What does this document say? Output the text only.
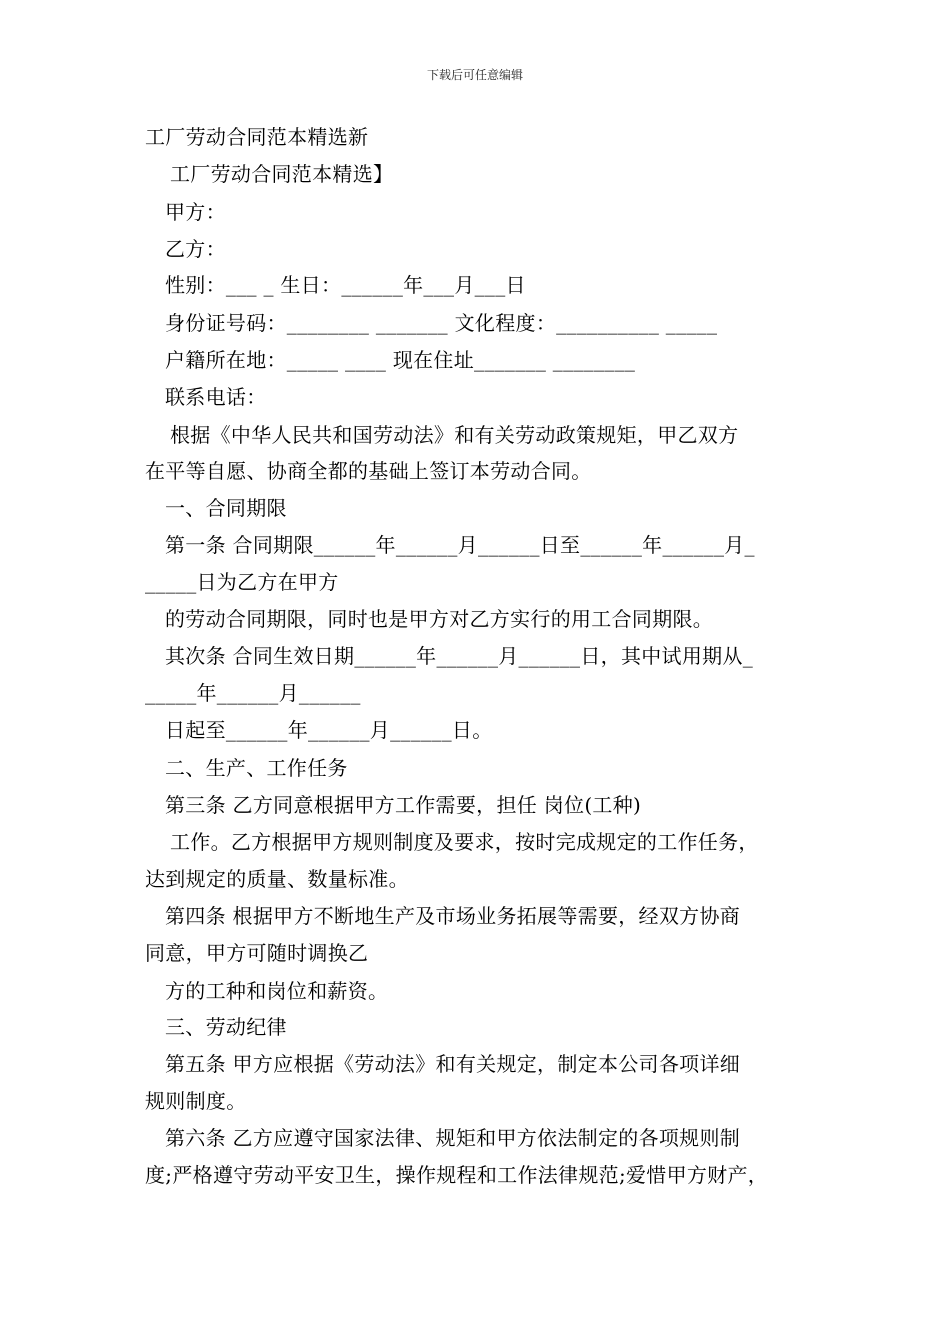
下载后可任意编辑
工厂劳动合同范本精选新
工厂劳动合同范本精选】
甲方：
乙方：
性别：___ _ 生日：______年___月___日
身份证号码：________ _______ 文化程度：__________ _____
户籍所在地：_____ ____ 现在住址_______ ________
联系电话：
根据《中华人民共和国劳动法》和有关劳动政策规矩，甲乙双方
在平等自愿、协商全都的基础上签订本劳动合同。
一、合同期限
第一条 合同期限______年______月______日至______年______月_
_____日为乙方在甲方
的劳动合同期限，同时也是甲方对乙方实行的用工合同期限。
其次条 合同生效日期______年______月______日，其中试用期从_
_____年______月______
日起至______年______月______日。
二、生产、工作任务
第三条 乙方同意根据甲方工作需要，担任 岗位(工种)
工作。乙方根据甲方规则制度及要求，按时完成规定的工作任务，
达到规定的质量、数量标准。
第四条 根据甲方不断地生产及市场业务拓展等需要，经双方协商
同意，甲方可随时调换乙
方的工种和岗位和薪资。
三、劳动纪律
第五条 甲方应根据《劳动法》和有关规定，制定本公司各项详细
规则制度。
第六条 乙方应遵守国家法律、规矩和甲方依法制定的各项规则制
度;严格遵守劳动平安卫生，操作规程和工作法律规范;爱惜甲方财产，
